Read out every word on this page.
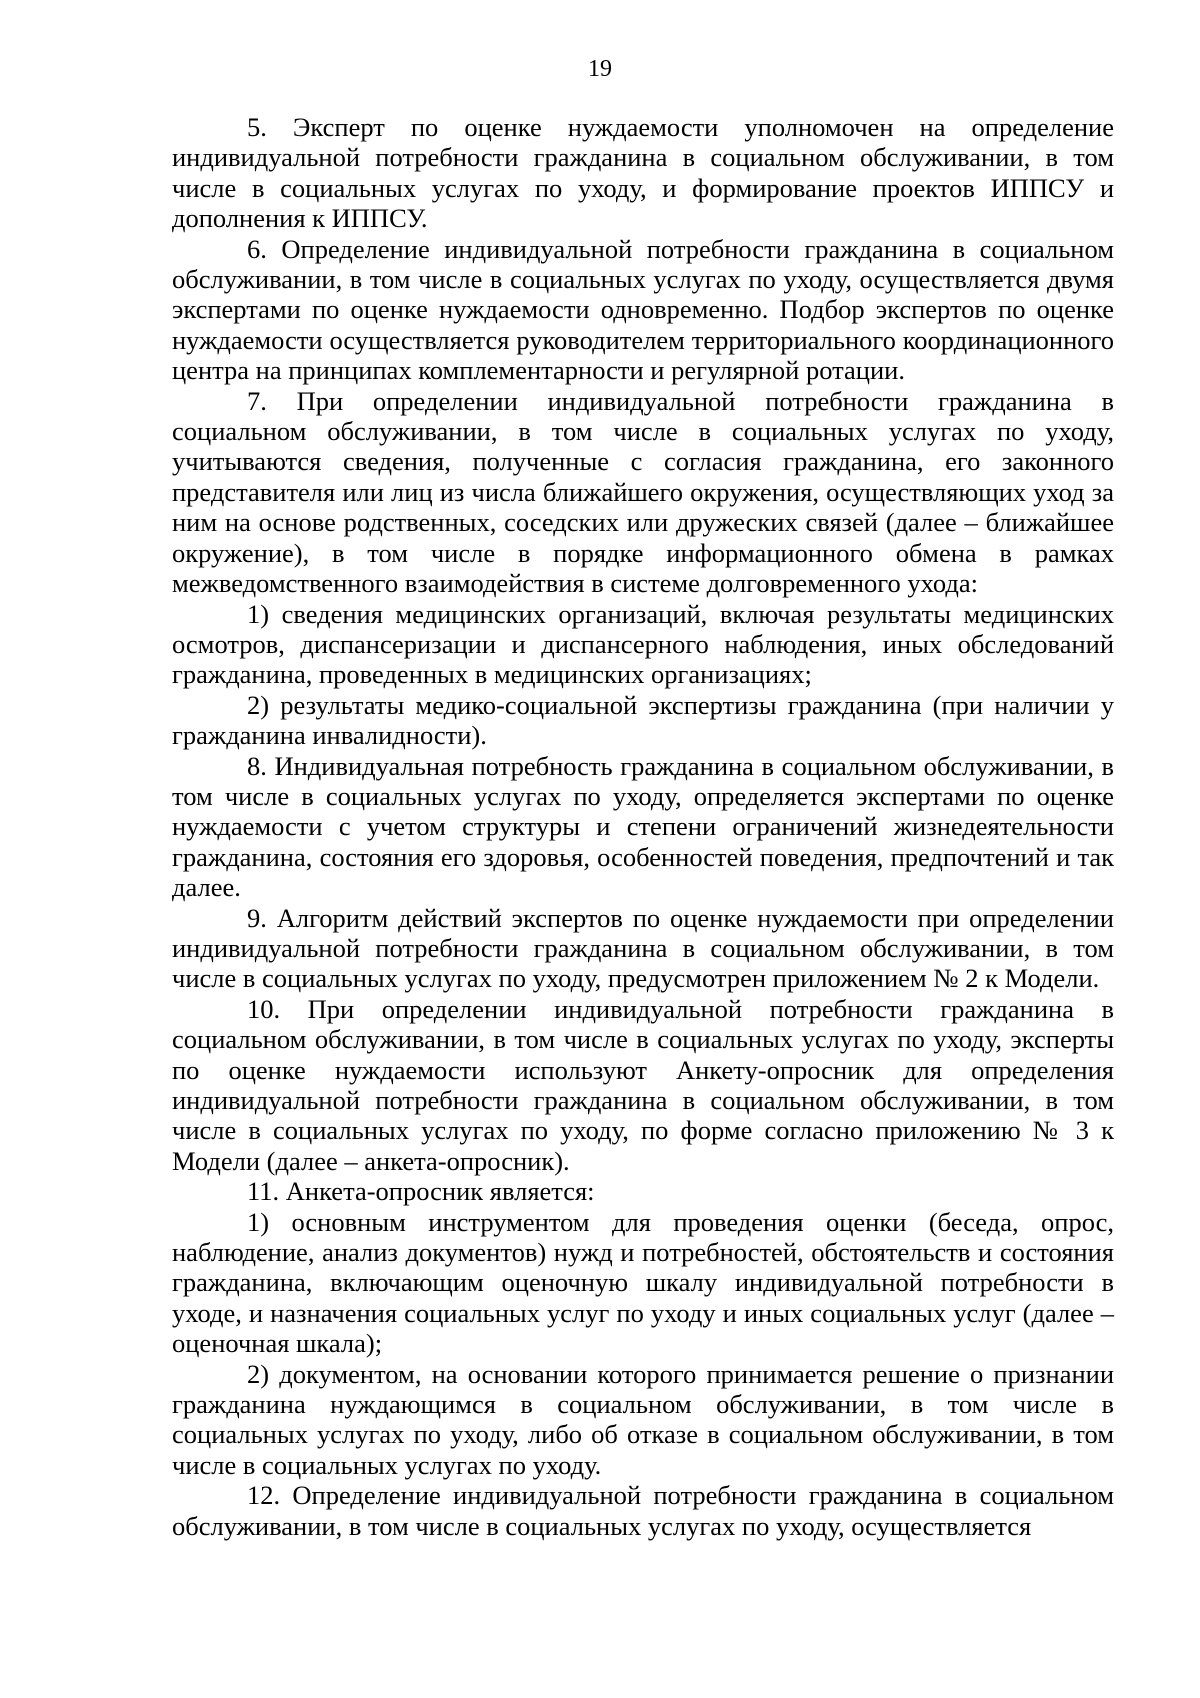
19

5. Эксперт по оценке нуждаемости уполномочен на определение индивидуальной потребности гражданина в социальном обслуживании, в том числе в социальных услугах по уходу, и формирование проектов ИППСУ и дополнения к ИППСУ.

6. Определение индивидуальной потребности гражданина в социальном обслуживании, в том числе в социальных услугах по уходу, осуществляется двумя экспертами по оценке нуждаемости одновременно. Подбор экспертов по оценке нуждаемости осуществляется руководителем территориального координационного центра на принципах комплементарности и регулярной ротации.

7. При определении индивидуальной потребности гражданина в социальном обслуживании, в том числе в социальных услугах по уходу, учитываются сведения, полученные с согласия гражданина, его законного представителя или лиц из числа ближайшего окружения, осуществляющих уход за ним на основе родственных, соседских или дружеских связей (далее – ближайшее окружение), в том числе в порядке информационного обмена в рамках межведомственного взаимодействия в системе долговременного ухода:

1) сведения медицинских организаций, включая результаты медицинских осмотров, диспансеризации и диспансерного наблюдения, иных обследований гражданина, проведенных в медицинских организациях;

2) результаты медико-социальной экспертизы гражданина (при наличии у гражданина инвалидности).

8. Индивидуальная потребность гражданина в социальном обслуживании, в том числе в социальных услугах по уходу, определяется экспертами по оценке нуждаемости с учетом структуры и степени ограничений жизнедеятельности гражданина, состояния его здоровья, особенностей поведения, предпочтений и так далее.

9. Алгоритм действий экспертов по оценке нуждаемости при определении индивидуальной потребности гражданина в социальном обслуживании, в том числе в социальных услугах по уходу, предусмотрен приложением № 2 к Модели.

10. При определении индивидуальной потребности гражданина в социальном обслуживании, в том числе в социальных услугах по уходу, эксперты по оценке нуждаемости используют Анкету-опросник для определения индивидуальной потребности гражданина в социальном обслуживании, в том числе в социальных услугах по уходу, по форме согласно приложению № 3 к Модели (далее – анкета-опросник).

11. Анкета-опросник является:

1) основным инструментом для проведения оценки (беседа, опрос, наблюдение, анализ документов) нужд и потребностей, обстоятельств и состояния гражданина, включающим оценочную шкалу индивидуальной потребности в уходе, и назначения социальных услуг по уходу и иных социальных услуг (далее – оценочная шкала);

2) документом, на основании которого принимается решение о признании гражданина нуждающимся в социальном обслуживании, в том числе в социальных услугах по уходу, либо об отказе в социальном обслуживании, в том числе в социальных услугах по уходу.

12. Определение индивидуальной потребности гражданина в социальном обслуживании, в том числе в социальных услугах по уходу, осуществляется
